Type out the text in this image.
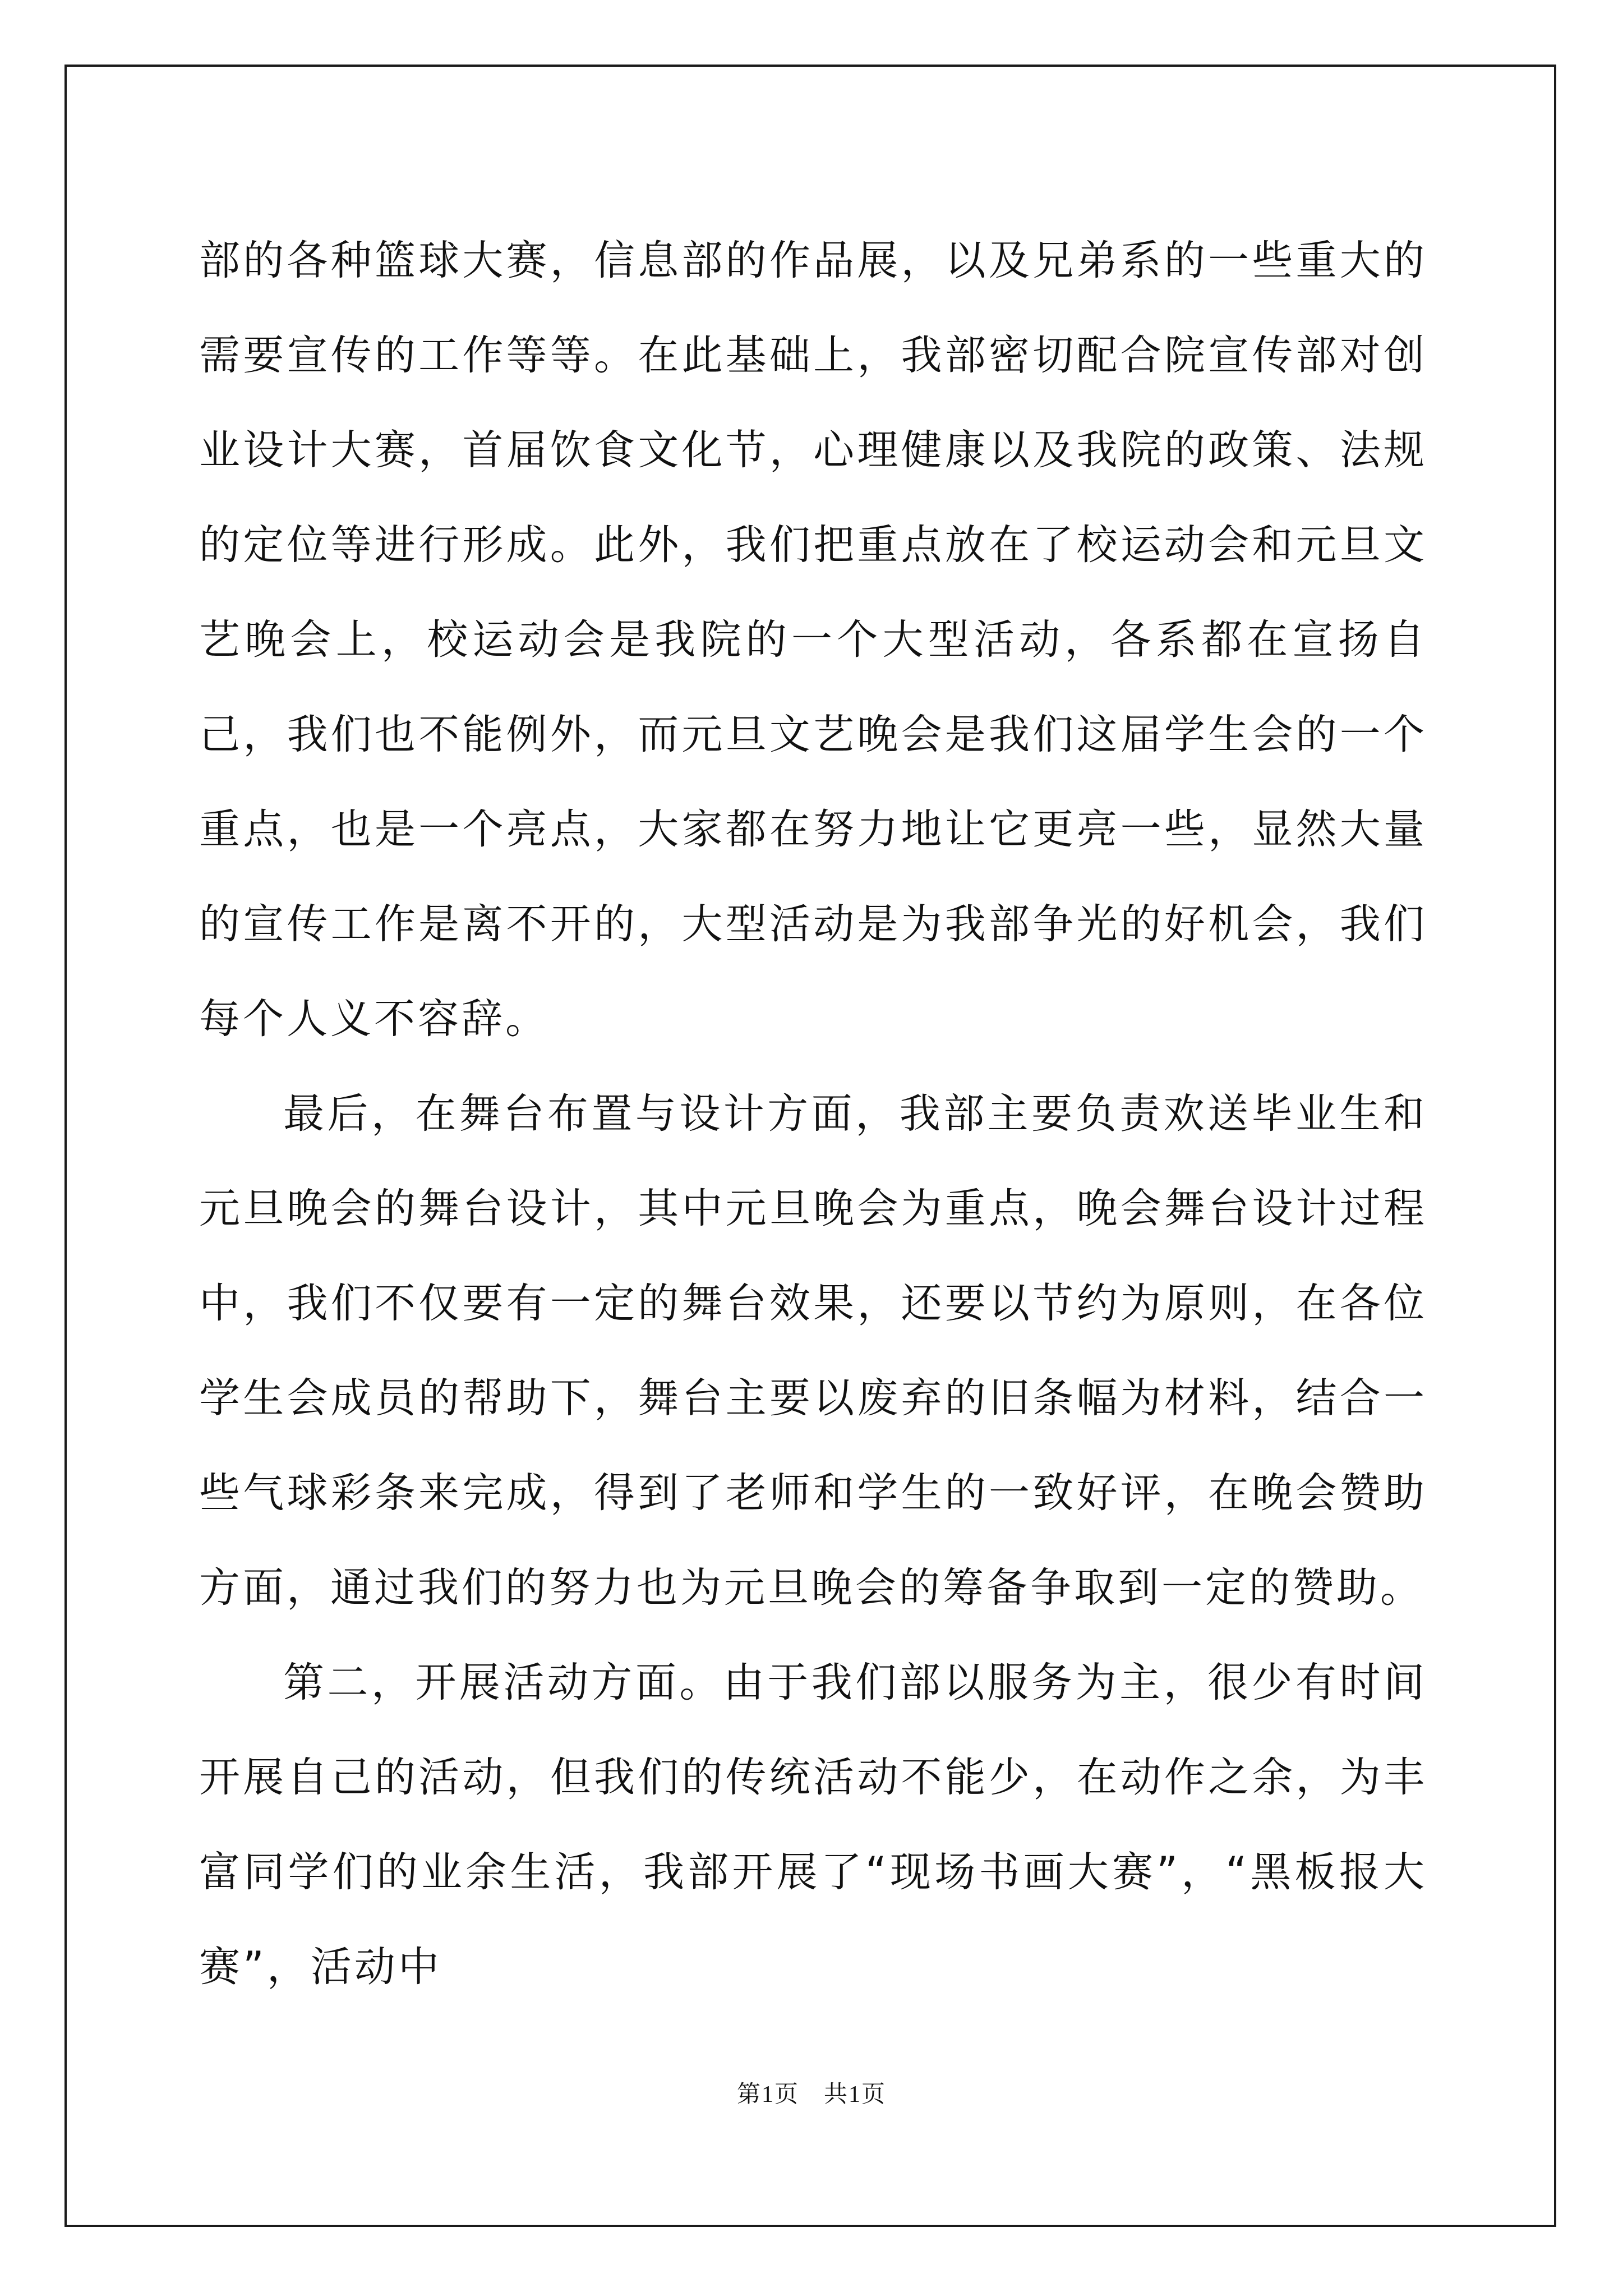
部的各种篮球大赛，信息部的作品展，以及兄弟系的一些重大的需要宣传的工作等等。在此基础上，我部密切配合院宣传部对创业设计大赛，首届饮食文化节，心理健康以及我院的政策、法规的定位等进行形成。此外，我们把重点放在了校运动会和元旦文艺晚会上，校运动会是我院的一个大型活动，各系都在宣扬自己，我们也不能例外，而元旦文艺晚会是我们这届学生会的一个重点，也是一个亮点，大家都在努力地让它更亮一些，显然大量的宣传工作是离不开的，大型活动是为我部争光的好机会，我们每个人义不容辞。

最后，在舞台布置与设计方面，我部主要负责欢送毕业生和元旦晚会的舞台设计，其中元旦晚会为重点，晚会舞台设计过程中，我们不仅要有一定的舞台效果，还要以节约为原则，在各位学生会成员的帮助下，舞台主要以废弃的旧条幅为材料，结合一些气球彩条来完成，得到了老师和学生的一致好评，在晚会赞助方面，通过我们的努力也为元旦晚会的筹备争取到一定的赞助。

第二，开展活动方面。由于我们部以服务为主，很少有时间开展自己的活动，但我们的传统活动不能少，在动作之余，为丰富同学们的业余生活，我部开展了“现场书画大赛”，“黑板报大赛”，活动中

第1页　共1页
